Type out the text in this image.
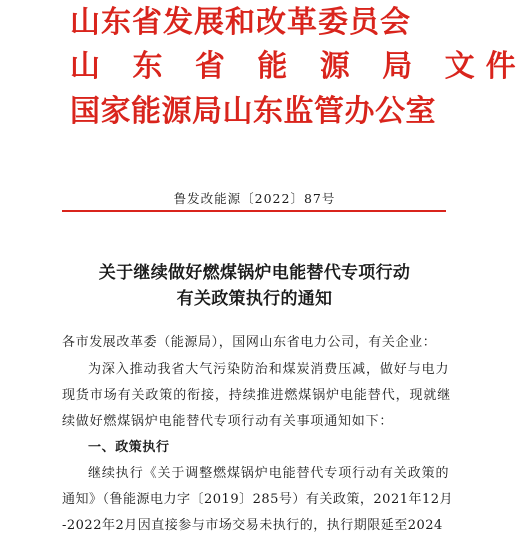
山东省发展和改革委员会
山 东 省 能 源 局 文件
国家能源局山东监管办公室
鲁发改能源〔2022〕87号
关于继续做好燃煤锅炉电能替代专项行动
有关政策执行的通知
各市发展改革委（能源局），国网山东省电力公司，有关企业：
为深入推动我省大气污染防治和煤炭消费压减，做好与电力
现货市场有关政策的衔接，持续推进燃煤锅炉电能替代，现就继
续做好燃煤锅炉电能替代专项行动有关事项通知如下：
一、政策执行
继续执行《关于调整燃煤锅炉电能替代专项行动有关政策的
通知》（鲁能源电力字〔2019〕285号）有关政策，2021年12月
-2022年2月因直接参与市场交易未执行的，执行期限延至2024
